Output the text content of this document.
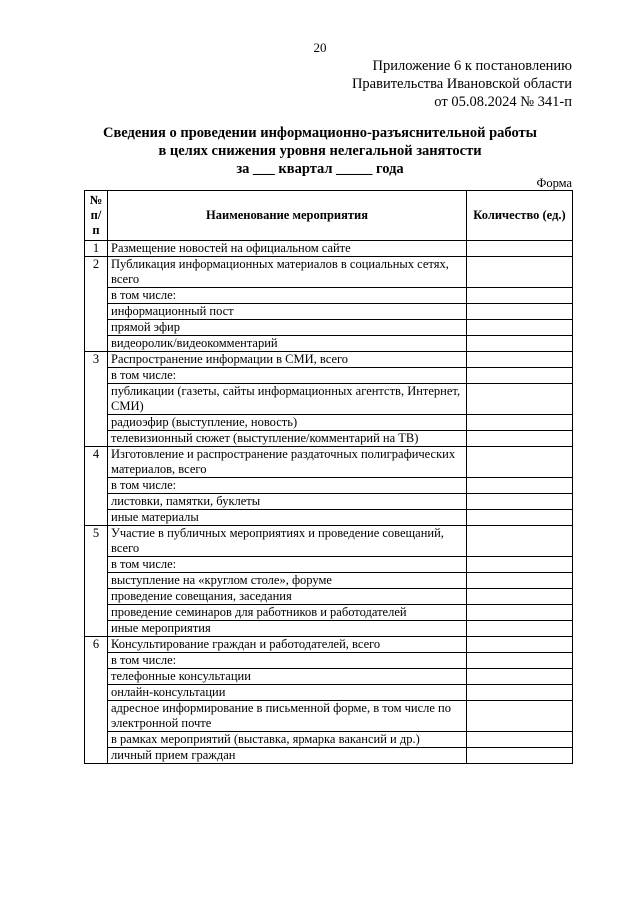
20
Приложение 6 к постановлению
Правительства Ивановской области
от 05.08.2024 № 341-п
Сведения о проведении информационно-разъяснительной работы
в целях снижения уровня нелегальной занятости
за ___ квартал _____ года
Форма
№ п/п	Наименование мероприятия	Количество (ед.)
1	Размещение новостей на официальном сайте	
2	Публикация информационных материалов в социальных сетях, всего	
	в том числе:	
	информационный пост	
	прямой эфир	
	видеоролик/видеокомментарий	
3	Распространение информации в СМИ, всего	
	в том числе:	
	публикации (газеты, сайты информационных агентств, Интернет, СМИ)	
	радиоэфир (выступление, новость)	
	телевизионный сюжет (выступление/комментарий на ТВ)	
4	Изготовление и распространение раздаточных полиграфических материалов, всего	
	в том числе:	
	листовки, памятки, буклеты	
	иные материалы	
5	Участие в публичных мероприятиях и проведение совещаний, всего	
	в том числе:	
	выступление на «круглом столе», форуме	
	проведение совещания, заседания	
	проведение семинаров для работников и работодателей	
	иные мероприятия	
6	Консультирование граждан и работодателей, всего	
	в том числе:	
	телефонные консультации	
	онлайн-консультации	
	адресное информирование в письменной форме, в том числе по электронной почте	
	в рамках мероприятий (выставка, ярмарка вакансий и др.)	
	личный прием граждан	
